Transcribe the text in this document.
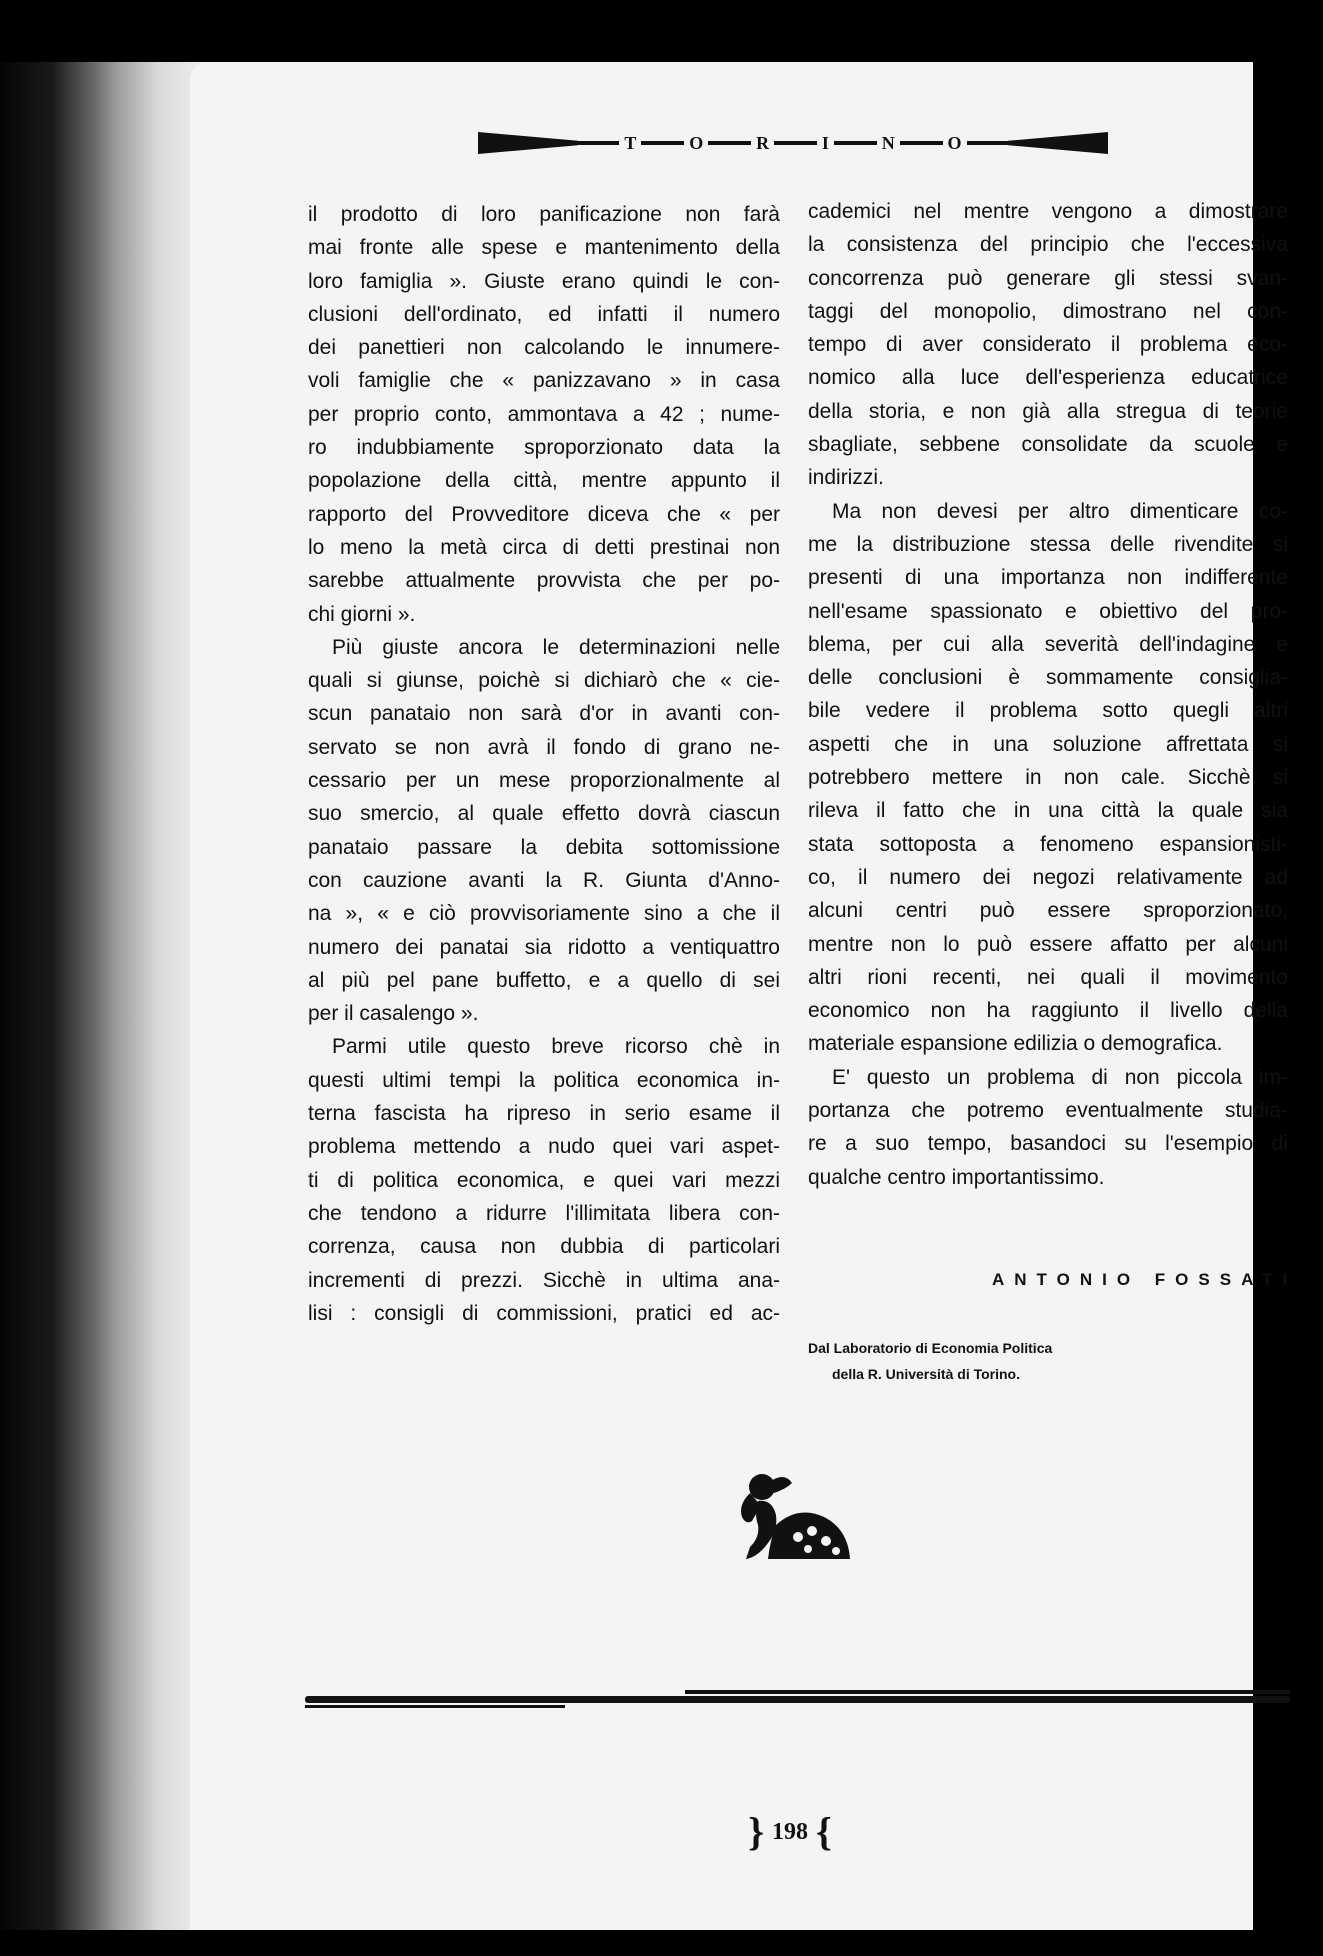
T	O	R	I	N	O
il prodotto di loro panificazione non farà
mai fronte alle spese e mantenimento della
loro famiglia ». Giuste erano quindi le con-
clusioni dell'ordinato, ed infatti il numero
dei panettieri non calcolando le innumere-
voli famiglie che « panizzavano » in casa
per proprio conto, ammontava a 42 ; nume-
ro indubbiamente sproporzionato data la
popolazione della città, mentre appunto il
rapporto del Provveditore diceva che « per
lo meno la metà circa di detti prestinai non
sarebbe attualmente provvista che per po-
chi giorni ».
Più giuste ancora le determinazioni nelle
quali si giunse, poichè si dichiarò che « cie-
scun panataio non sarà d'or in avanti con-
servato se non avrà il fondo di grano ne-
cessario per un mese proporzionalmente al
suo smercio, al quale effetto dovrà ciascun
panataio passare la debita sottomissione
con cauzione avanti la R. Giunta d'Anno-
na », « e ciò provvisoriamente sino a che il
numero dei panatai sia ridotto a ventiquattro
al più pel pane buffetto, e a quello di sei
per il casalengo ».
Parmi utile questo breve ricorso chè in
questi ultimi tempi la politica economica in-
terna fascista ha ripreso in serio esame il
problema mettendo a nudo quei vari aspet-
ti di politica economica, e quei vari mezzi
che tendono a ridurre l'illimitata libera con-
correnza, causa non dubbia di particolari
incrementi di prezzi. Sicchè in ultima ana-
lisi : consigli di commissioni, pratici ed ac-
cademici nel mentre vengono a dimostrare
la consistenza del principio che l'eccessiva
concorrenza può generare gli stessi svan-
taggi del monopolio, dimostrano nel con-
tempo di aver considerato il problema eco-
nomico alla luce dell'esperienza educatrice
della storia, e non già alla stregua di teorie
sbagliate, sebbene consolidate da scuole e
indirizzi.
Ma non devesi per altro dimenticare co-
me la distribuzione stessa delle rivendite si
presenti di una importanza non indifferente
nell'esame spassionato e obiettivo del pro-
blema, per cui alla severità dell'indagine e
delle conclusioni è sommamente consiglia-
bile vedere il problema sotto quegli altri
aspetti che in una soluzione affrettata si
potrebbero mettere in non cale. Sicchè si
rileva il fatto che in una città la quale sia
stata sottoposta a fenomeno espansionisti-
co, il numero dei negozi relativamente ad
alcuni centri può essere sproporzionato,
mentre non lo può essere affatto per alcuni
altri rioni recenti, nei quali il movimento
economico non ha raggiunto il livello della
materiale espansione edilizia o demografica.
E' questo un problema di non piccola im-
portanza che potremo eventualmente studia-
re a suo tempo, basandoci su l'esempio di
qualche centro importantissimo.
ANTONIO FOSSATI
Dal Laboratorio di Economia Politica
della R. Università di Torino.
} 198 {
